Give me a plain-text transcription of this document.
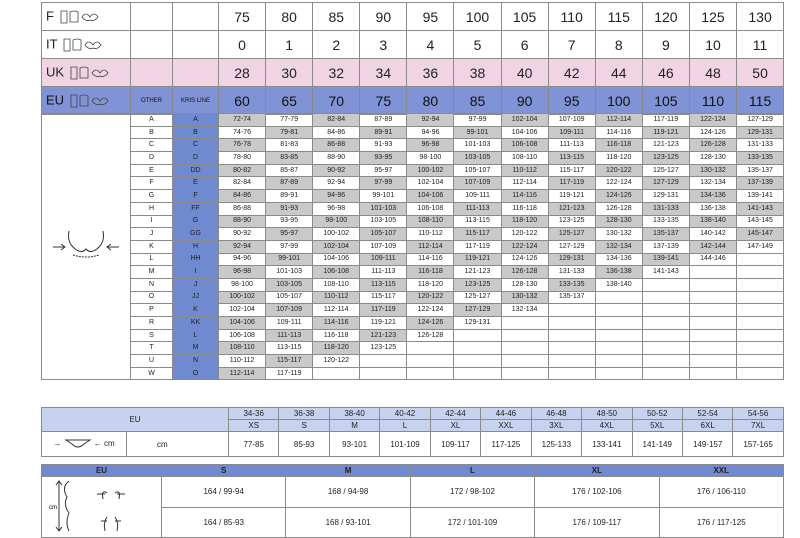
F			75	80	85	90	95	100	105	110	115	120	125	130
IT			0	1	2	3	4	5	6	7	8	9	10	11
UK			28	30	32	34	36	38	40	42	44	46	48	50
EU	OTHER	KRIS LINE	60	65	70	75	80	85	90	95	100	105	110	115
	A	A	72-74	77-79	82-84	87-89	92-94	97-99	102-104	107-109	112-114	117-119	122-124	127-129
	B	B	74-76	79-81	84-86	89-91	94-96	99-101	104-106	109-111	114-116	119-121	124-126	129-131
	C	C	76-78	81-83	86-88	91-93	96-98	101-103	106-108	111-113	116-118	121-123	126-128	131-133
	D	D	78-80	83-85	88-90	93-95	98-100	103-105	108-110	113-115	118-120	123-125	128-130	133-135
	E	DD	80-82	85-87	90-92	95-97	100-102	105-107	110-112	115-117	120-122	125-127	130-132	135-137
	F	E	82-84	87-89	92-94	97-99	102-104	107-109	112-114	117-119	122-124	127-129	132-134	137-139
	G	F	84-86	89-91	94-96	99-101	104-106	109-111	114-116	119-121	124-126	129-131	134-136	139-141
	H	FF	86-88	91-93	96-98	101-103	106-108	111-113	116-118	121-123	126-128	131-133	136-138	141-143
	I	G	88-90	93-95	98-100	103-105	108-110	113-115	118-120	123-125	128-130	133-135	138-140	143-145
	J	GG	90-92	95-97	100-102	105-107	110-112	115-117	120-122	125-127	130-132	135-137	140-142	145-147
	K	H	92-94	97-99	102-104	107-109	112-114	117-119	122-124	127-129	132-134	137-139	142-144	147-149
	L	HH	94-96	99-101	104-106	109-111	114-116	119-121	124-126	129-131	134-136	139-141	144-146	
	M	I	96-98	101-103	106-108	111-113	116-118	121-123	126-128	131-133	136-138	141-143		
	N	J	98-100	103-105	108-110	113-115	118-120	123-125	128-130	133-135	138-140			
	O	JJ	100-102	105-107	110-112	115-117	120-122	125-127	130-132	135-137				
	P	K	102-104	107-109	112-114	117-119	122-124	127-129	132-134					
	R	KK	104-106	109-111	114-116	119-121	124-126	129-131						
	S	L	106-108	111-113	116-118	121-123	126-128							
	T	M	108-110	113-115	118-120	123-125								
	U	N	110-112	115-117	120-122									
	W	O	112-114	117-119										
EU		34-36	36-38	38-40	40-42	42-44	44-46	46-48	48-50	50-52	52-54	54-56
		XS	S	M	L	XL	XXL	3XL	4XL	5XL	6XL	7XL
→ ← cm	cm	77-85	85-93	93-101	101-109	109-117	117-125	125-133	133-141	141-149	149-157	157-165
EU	S	M	L	XL	XXL

cm	164 / 99-94	168 / 94-98	172 / 98-102	176 / 102-106	176 / 106-110
	164 / 85-93	168 / 93-101	172 / 101-109	176 / 109-117	176 / 117-125
